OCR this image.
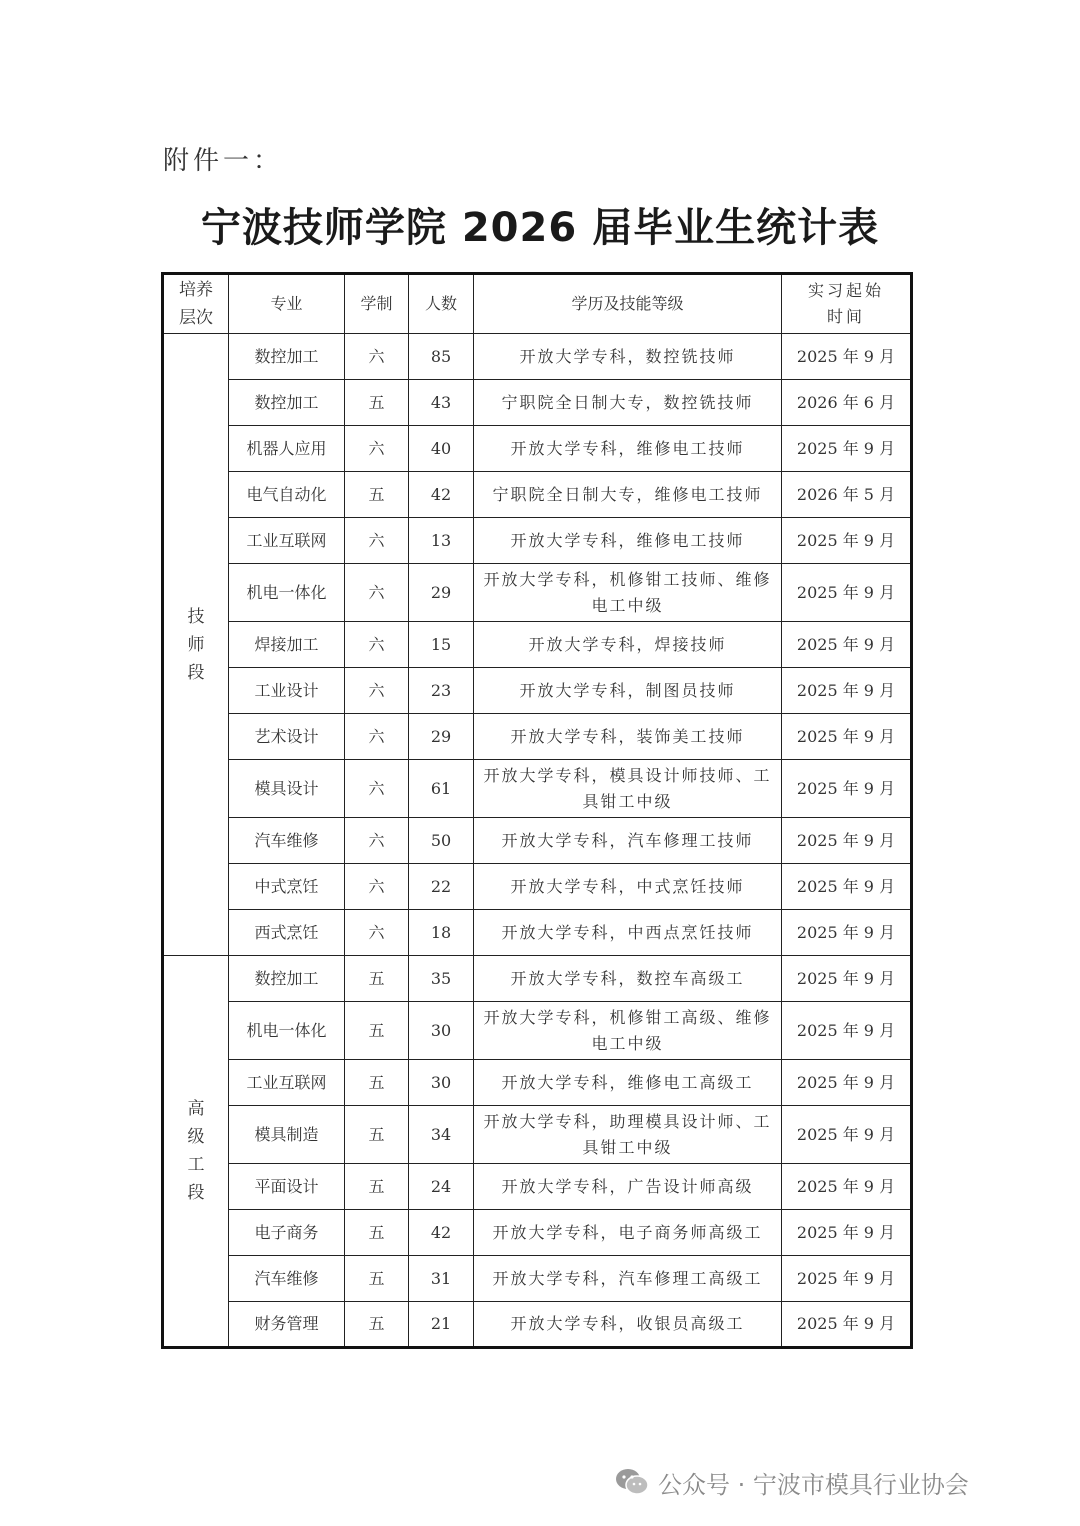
附件一：
宁波技师学院 2026 届毕业生统计表
培养层次	专业	学制	人数	学历及技能等级	实习起始时间
技师段	数控加工	六	85	开放大学专科，数控铣技师	2025 年 9 月
	数控加工	五	43	宁职院全日制大专，数控铣技师	2026 年 6 月
	机器人应用	六	40	开放大学专科，维修电工技师	2025 年 9 月
	电气自动化	五	42	宁职院全日制大专，维修电工技师	2026 年 5 月
	工业互联网	六	13	开放大学专科，维修电工技师	2025 年 9 月
	机电一体化	六	29	开放大学专科，机修钳工技师、维修电工中级	2025 年 9 月
	焊接加工	六	15	开放大学专科，焊接技师	2025 年 9 月
	工业设计	六	23	开放大学专科，制图员技师	2025 年 9 月
	艺术设计	六	29	开放大学专科，装饰美工技师	2025 年 9 月
	模具设计	六	61	开放大学专科，模具设计师技师、工具钳工中级	2025 年 9 月
	汽车维修	六	50	开放大学专科，汽车修理工技师	2025 年 9 月
	中式烹饪	六	22	开放大学专科，中式烹饪技师	2025 年 9 月
	西式烹饪	六	18	开放大学专科，中西点烹饪技师	2025 年 9 月
高级工段	数控加工	五	35	开放大学专科，数控车高级工	2025 年 9 月
	机电一体化	五	30	开放大学专科，机修钳工高级、维修电工中级	2025 年 9 月
	工业互联网	五	30	开放大学专科，维修电工高级工	2025 年 9 月
	模具制造	五	34	开放大学专科，助理模具设计师、工具钳工中级	2025 年 9 月
	平面设计	五	24	开放大学专科，广告设计师高级	2025 年 9 月
	电子商务	五	42	开放大学专科，电子商务师高级工	2025 年 9 月
	汽车维修	五	31	开放大学专科，汽车修理工高级工	2025 年 9 月
	财务管理	五	21	开放大学专科，收银员高级工	2025 年 9 月
公众号 · 宁波市模具行业协会
